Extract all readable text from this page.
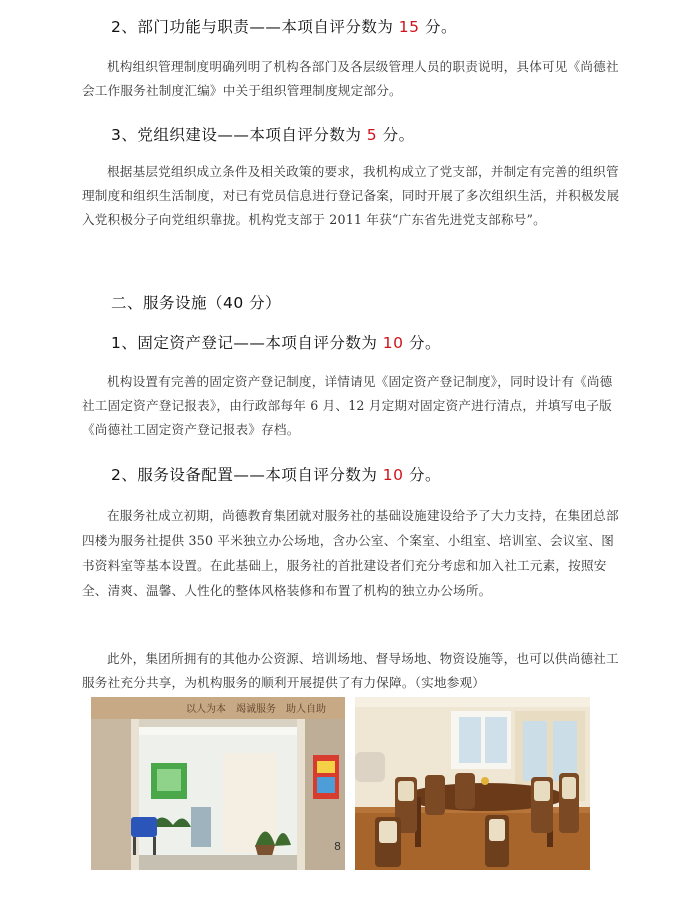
2、部门功能与职责——本项自评分数为 15 分。
机构组织管理制度明确列明了机构各部门及各层级管理人员的职责说明，具体可见《尚德社会工作服务社制度汇编》中关于组织管理制度规定部分。
3、党组织建设——本项自评分数为 5 分。
根据基层党组织成立条件及相关政策的要求，我机构成立了党支部，并制定有完善的组织管理制度和组织生活制度，对已有党员信息进行登记备案，同时开展了多次组织生活，并积极发展入党积极分子向党组织靠拢。机构党支部于 2011 年获“广东省先进党支部称号”。
二、服务设施（40 分）
1、固定资产登记——本项自评分数为 10 分。
机构设置有完善的固定资产登记制度，详情请见《固定资产登记制度》，同时设计有《尚德社工固定资产登记报表》，由行政部每年 6 月、12 月定期对固定资产进行清点，并填写电子版《尚德社工固定资产登记报表》存档。
2、服务设备配置——本项自评分数为 10 分。
在服务社成立初期，尚德教育集团就对服务社的基础设施建设给予了大力支持，在集团总部四楼为服务社提供 350 平米独立办公场地，含办公室、个案室、小组室、培训室、会议室、图书资料室等基本设置。在此基础上，服务社的首批建设者们充分考虑和加入社工元素，按照安全、清爽、温馨、人性化的整体风格装修和布置了机构的独立办公场所。
此外，集团所拥有的其他办公资源、培训场地、督导场地、物资设施等，也可以供尚德社工服务社充分共享，为机构服务的顺利开展提供了有力保障。（实地参观）
以人为本　竭诚服务　助人自助
8
